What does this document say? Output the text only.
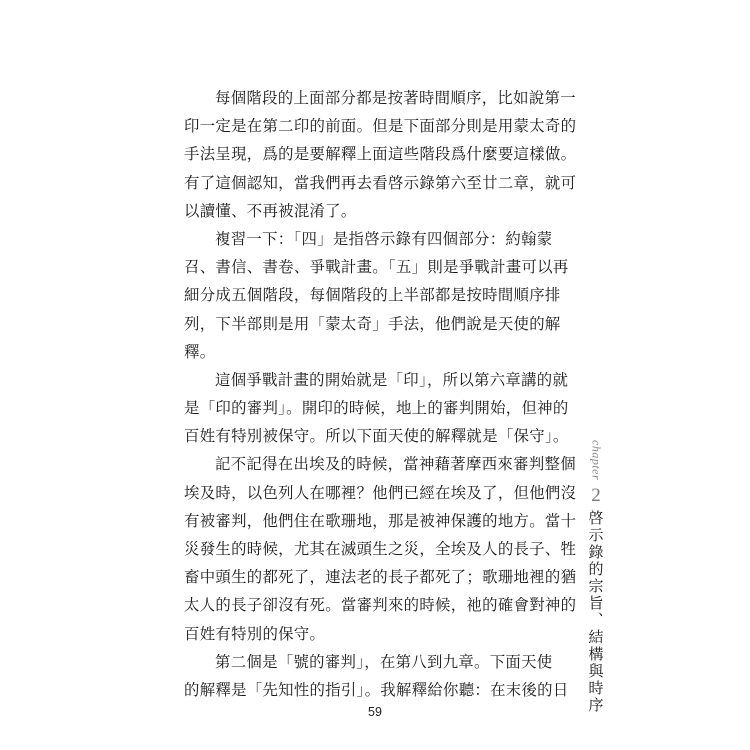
每個階段的上面部分都是按著時間順序，比如說第一
印一定是在第二印的前面。但是下面部分則是用蒙太奇的
手法呈現，爲的是要解釋上面這些階段爲什麼要這樣做。
有了這個認知，當我們再去看啓示錄第六至廿二章，就可
以讀懂、不再被混淆了。

複習一下：「四」是指啓示錄有四個部分：約翰蒙
召、書信、書卷、爭戰計畫。「五」則是爭戰計畫可以再
細分成五個階段，每個階段的上半部都是按時間順序排
列，下半部則是用「蒙太奇」手法，他們說是天使的解
釋。

這個爭戰計畫的開始就是「印」，所以第六章講的就
是「印的審判」。開印的時候，地上的審判開始，但神的
百姓有特別被保守。所以下面天使的解釋就是「保守」。

記不記得在出埃及的時候，當神藉著摩西來審判整個
埃及時，以色列人在哪裡？他們已經在埃及了，但他們沒
有被審判，他們住在歌珊地，那是被神保護的地方。當十
災發生的時候，尤其在滅頭生之災，全埃及人的長子、牲
畜中頭生的都死了，連法老的長子都死了；歌珊地裡的猶
太人的長子卻沒有死。當審判來的時候，祂的確會對神的
百姓有特別的保守。

第二個是「號的審判」，在第八到九章。下面天使
的解釋是「先知性的指引」。我解釋給你聽：在末後的日

chapter
2
啓示錄的宗旨、結構與時序
59
